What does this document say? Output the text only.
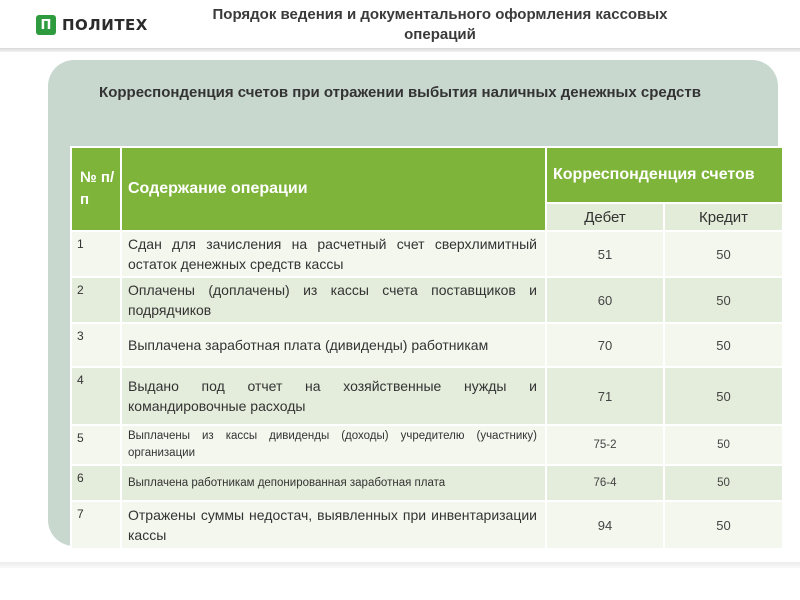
П ПОЛИТЕХ
Порядок ведения и документального оформления кассовых операций
Корреспонденция счетов при отражении выбытия наличных денежных средств
№ п/п	Содержание операции	Корреспонденция счетов	
		Дебет	Кредит
1	Сдан для зачисления на расчетный счет сверхлимитный остаток денежных средств кассы	51	50
2	Оплачены (доплачены) из кассы счета поставщиков и подрядчиков	60	50
3	Выплачена заработная плата (дивиденды) работникам	70	50
4	Выдано под отчет на хозяйственные нужды и командировочные расходы	71	50
5	Выплачены из кассы дивиденды (доходы) учредителю (участнику) организации	75-2	50
6	Выплачена работникам депонированная заработная плата	76-4	50
7	Отражены суммы недостач, выявленных при инвентаризации кассы	94	50
